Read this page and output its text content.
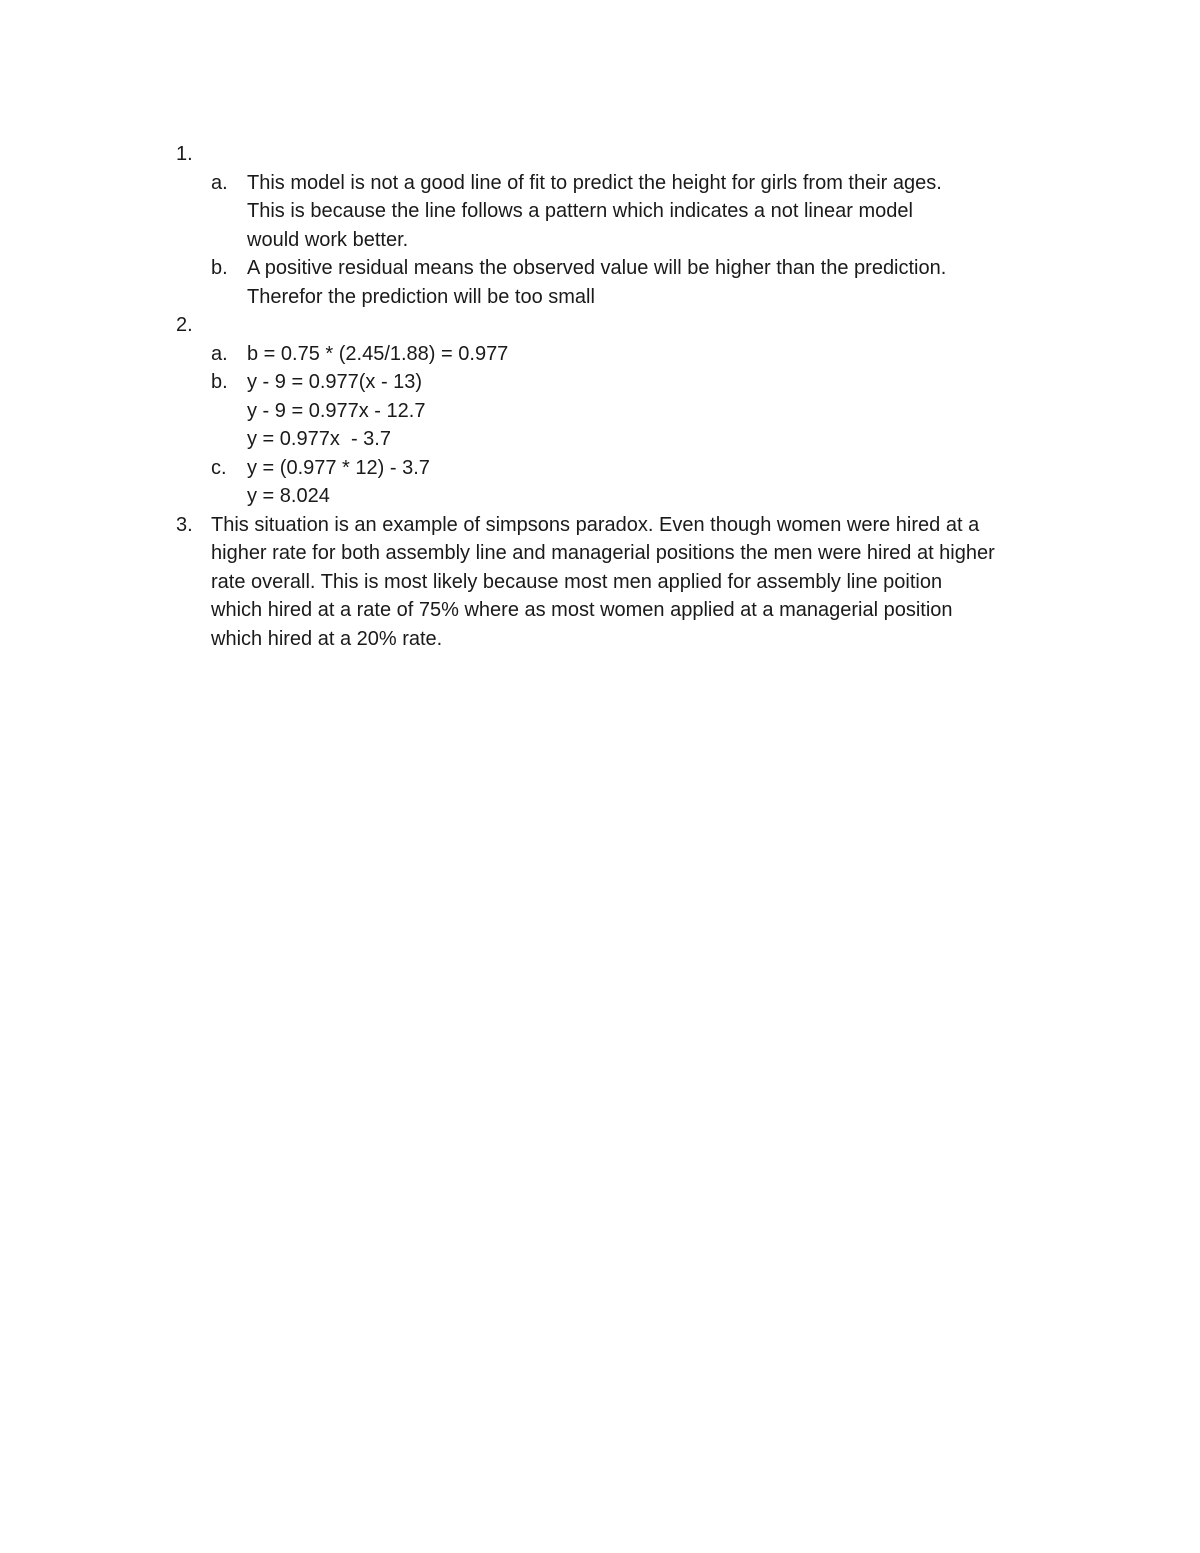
1.

a. This model is not a good line of fit to predict the height for girls from their ages.
This is because the line follows a pattern which indicates a not linear model
would work better.
b. A positive residual means the observed value will be higher than the prediction.
Therefor the prediction will be too small
2.

a. b = 0.75 * (2.45/1.88) = 0.977
b. y - 9 = 0.977(x - 13)
y - 9 = 0.977x - 12.7
y = 0.977x  - 3.7
c. y = (0.977 * 12) - 3.7
y = 8.024
3. This situation is an example of simpsons paradox. Even though women were hired at a
higher rate for both assembly line and managerial positions the men were hired at higher
rate overall. This is most likely because most men applied for assembly line poition
which hired at a rate of 75% where as most women applied at a managerial position
which hired at a 20% rate.
